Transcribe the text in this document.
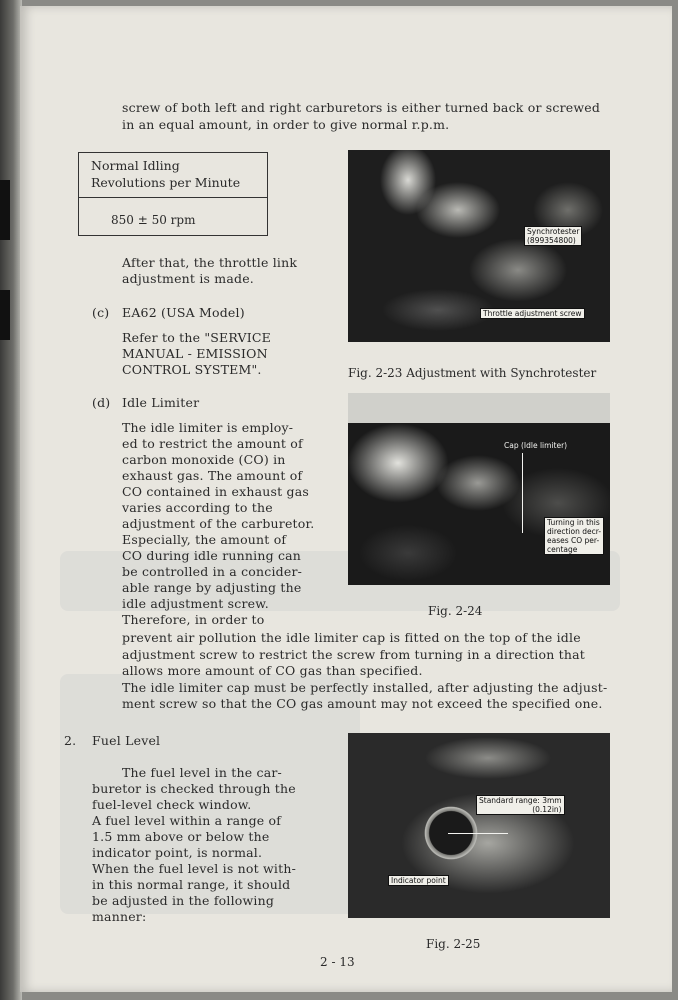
screw of both left and right carburetors is either turned back or screwed

in an equal amount, in order to give normal r.p.m.

Normal Idling
Revolutions per Minute
850 ± 50 rpm

After that, the throttle link

adjustment is made.

(c) EA62 (USA Model)

Refer to the "SERVICE

MANUAL - EMISSION

CONTROL SYSTEM".

(d) Idle Limiter

The idle limiter is employ-

ed to restrict the amount of

carbon monoxide (CO) in

exhaust gas. The amount of

CO contained in exhaust gas

varies according to the

adjustment of the carburetor.

Especially, the amount of

CO during idle running can

be controlled in a concider-

able range by adjusting the

idle adjustment screw.

Therefore, in order to

prevent air pollution the idle limiter cap is fitted on the top of the idle

adjustment screw to restrict the screw from turning in a direction that

allows more amount of CO gas than specified.

The idle limiter cap must be perfectly installed, after adjusting the adjust-

ment screw so that the CO gas amount may not exceed the specified one.

2. Fuel Level

The fuel level in the car-

buretor is checked through the

fuel-level check window.

A fuel level within a range of

1.5 mm above or below the

indicator point, is normal.

When the fuel level is not with-

in this normal range, it should

be adjusted in the following

manner:

Synchrotester
(899354800)
Throttle adjustment screw

Fig. 2-23 Adjustment with Synchrotester

Cap (Idle limiter)
Turning in this
direction decr-
eases CO per-
centage

Fig. 2-24

Standard range: 3mm
(0.12in)
Indicator point

Fig. 2-25

2 - 13
